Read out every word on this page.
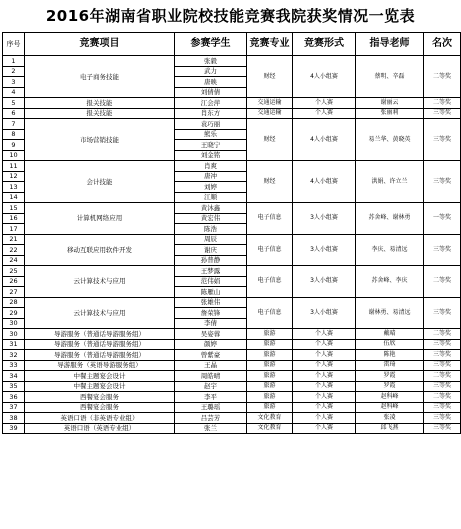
2016年湖南省职业院校技能竞赛我院获奖情况一览表
序号	竞赛项目	参赛学生	竞赛专业	竞赛形式	指导老师	名次
1	电子商务技能	张毅	财经	4人小组赛	蔡明、辛磊	二等奖
2		武力				
3		唐映				
4		刘倩倩				
5	报关技能	江会萍	交通运输	个人赛	谢丽云	二等奖
6	报关技能	肖东方	交通运输	个人赛	张丽莉	三等奖
7	市场营销技能	袁巧丽	财经	4人小组赛	易兰华、黄晓英	三等奖
8		熊乐				
9		王晓宁				
10		刘金铭				
11	会计技能	肖爽	财经	4人小组赛	洪娟、许立兰	三等奖
12		唐冲				
13		刘婷				
14		江顺				
15	计算机网络应用	黄沐鑫	电子信息	3人小组赛	苏舍峰、谢林勇	一等奖
16		黄宏伟				
17		陈浩				
21	移动互联应用软件开发	周辰	电子信息	3人小组赛	李庆、易清远	三等奖
22		谢庆				
24		孙普静				
25	云计算技术与应用	王梦露	电子信息	3人小组赛	苏舍峰、李庆	二等奖
26		范伟娟				
27		陈雁山				
28	云计算技术与应用	张雄伟	电子信息	3人小组赛	谢林勇、易清远	三等奖
29		詹荣锋				
30		李倩				
30	导游服务（普通话导游服务组）	吴姿蓉	旅游	个人赛	戴晴	二等奖
31	导游服务（普通话导游服务组）	颜婷	旅游	个人赛	伍欣	三等奖
32	导游服务（普通话导游服务组）	曾紫豪	旅游	个人赛	陈艳	三等奖
33	导游服务（英语导游服务组）	王晶	旅游	个人赛	雷琦	三等奖
34	中餐主题宴会设计	周皓晴	旅游	个人赛	罗霞	二等奖
35	中餐主题宴会设计	赵宇	旅游	个人赛	罗霞	三等奖
36	西餐宴会服务	李平	旅游	个人赛	赵科峰	二等奖
37	西餐宴会服务	王璐瑶	旅游	个人赛	赵科峰	三等奖
38	英语口语（非英语专业组）	吕芸芳	文化教育	个人赛	张凌	三等奖
39	英语口语（英语专业组）	张兰	文化教育	个人赛	邱飞燕	三等奖
